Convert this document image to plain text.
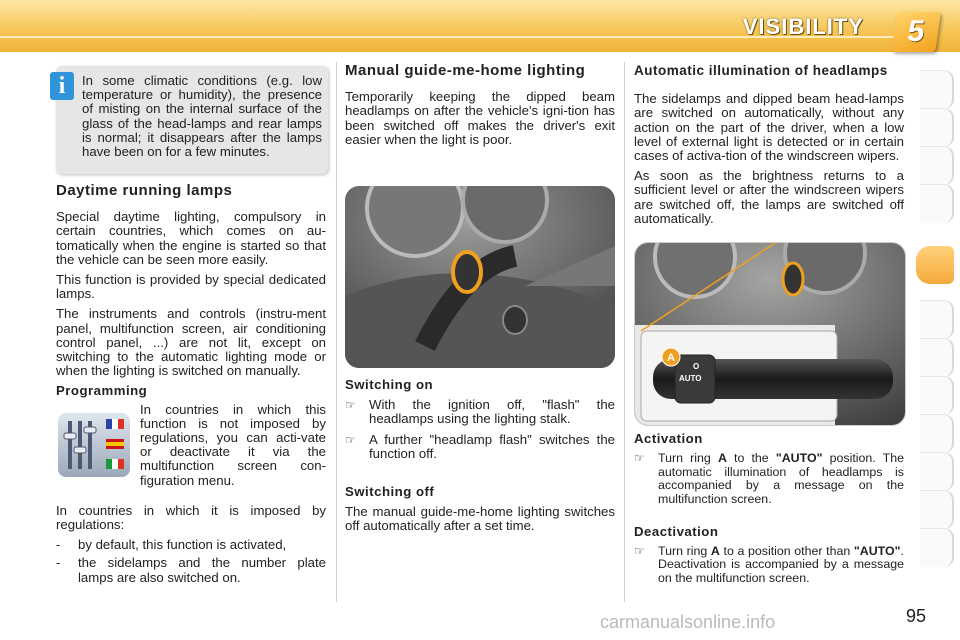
VISIBILITY	5
i	In some climatic conditions (e.g. low temperature or humidity), the presence of misting on the internal surface of the glass of the head-lamps and rear lamps is normal; it disappears after the lamps have been on for a few minutes.
Daytime running lamps

Special daytime lighting, compulsory in certain countries, which comes on au-tomatically when the engine is started so that the vehicle can be seen more easily.

This function is provided by special dedicated lamps.

The instruments and controls (instru-ment panel, multifunction screen, air conditioning control panel, ...) are not lit, except on switching to the automatic lighting mode or when the lighting is switched on manually.

Programming

In countries in which this function is not imposed by regulations, you can acti-vate or deactivate it via the multifunction screen con-figuration menu.

In countries in which it is imposed by regulations:

-	by default, this function is activated,
-	the sidelamps and the number plate lamps are also switched on.
Manual guide-me-home lighting

Temporarily keeping the dipped beam headlamps on after the vehicle's igni-tion has been switched off makes the driver's exit easier when the light is poor.

Switching on
☞	With the ignition off, "flash" the headlamps using the lighting stalk.
☞	A further "headlamp flash" switches the function off.
Switching off

The manual guide-me-home lighting switches off automatically after a set time.

Automatic illumination of headlamps

The sidelamps and dipped beam head-lamps are switched on automatically, without any action on the part of the driver, when a low level of external light is detected or in certain cases of activa-tion of the windscreen wipers.

As soon as the brightness returns to a sufficient level or after the windscreen wipers are switched off, the lamps are switched off automatically.

AUTO
O
A
Activation
☞	Turn ring A to the "AUTO" position. The automatic illumination of headlamps is accompanied by a message on the multifunction screen.
Deactivation
☞	Turn ring A to a position other than "AUTO". Deactivation is accompanied by a message on the multifunction screen.
95
carmanualsonline.info
